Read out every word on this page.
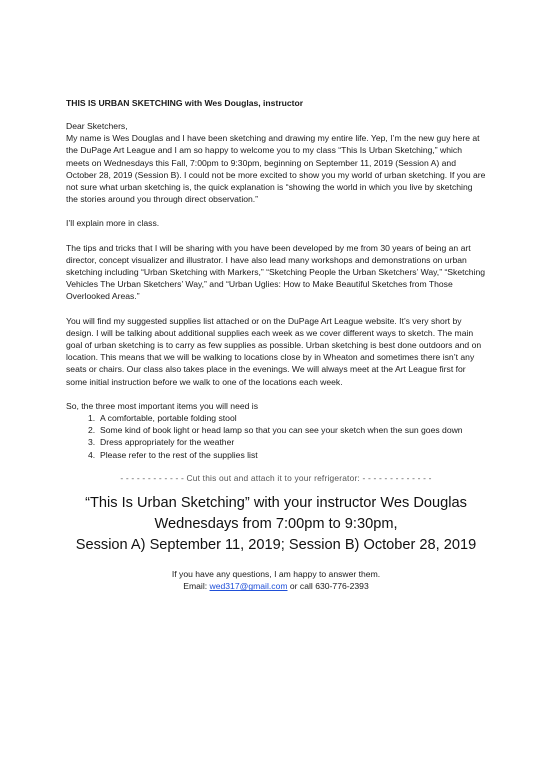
THIS IS URBAN SKETCHING with Wes Douglas, instructor

Dear Sketchers,

My name is Wes Douglas and I have been sketching and drawing my entire life. Yep, I’m the new guy here at the DuPage Art League and I am so happy to welcome you to my class “This Is Urban Sketching,” which meets on Wednesdays this Fall, 7:00pm to 9:30pm, beginning on September 11, 2019 (Session A) and October 28, 2019 (Session B). I could not be more excited to show you my world of urban sketching. If you are not sure what urban sketching is, the quick explanation is “showing the world in which you live by sketching the stories around you through direct observation.”

I’ll explain more in class.

The tips and tricks that I will be sharing with you have been developed by me from 30 years of being an art director, concept visualizer and illustrator. I have also lead many workshops and demonstrations on urban sketching including “Urban Sketching with Markers,” “Sketching People the Urban Sketchers’ Way,” “Sketching Vehicles The Urban Sketchers’ Way,” and “Urban Uglies: How to Make Beautiful Sketches from Those Overlooked Areas.”

You will find my suggested supplies list attached or on the DuPage Art League website. It’s very short by design. I will be talking about additional supplies each week as we cover different ways to sketch. The main goal of urban sketching is to carry as few supplies as possible. Urban sketching is best done outdoors and on location. This means that we will be walking to locations close by in Wheaton and sometimes there isn’t any seats or chairs. Our class also takes place in the evenings. We will always meet at the Art League first for some initial instruction before we walk to one of the locations each week.

So, the three most important items you will need is

1. A comfortable, portable folding stool
2. Some kind of book light or head lamp so that you can see your sketch when the sun goes down
3. Dress appropriately for the weather
4. Please refer to the rest of the supplies list
- - - - - - - - - - - - Cut this out and attach it to your refrigerator: - - - - - - - - - - - - -
“This Is Urban Sketching” with your instructor Wes Douglas
Wednesdays from 7:00pm to 9:30pm,
Session A) September 11, 2019; Session B) October 28, 2019
If you have any questions, I am happy to answer them.
Email: wed317@gmail.com or call 630-776-2393
